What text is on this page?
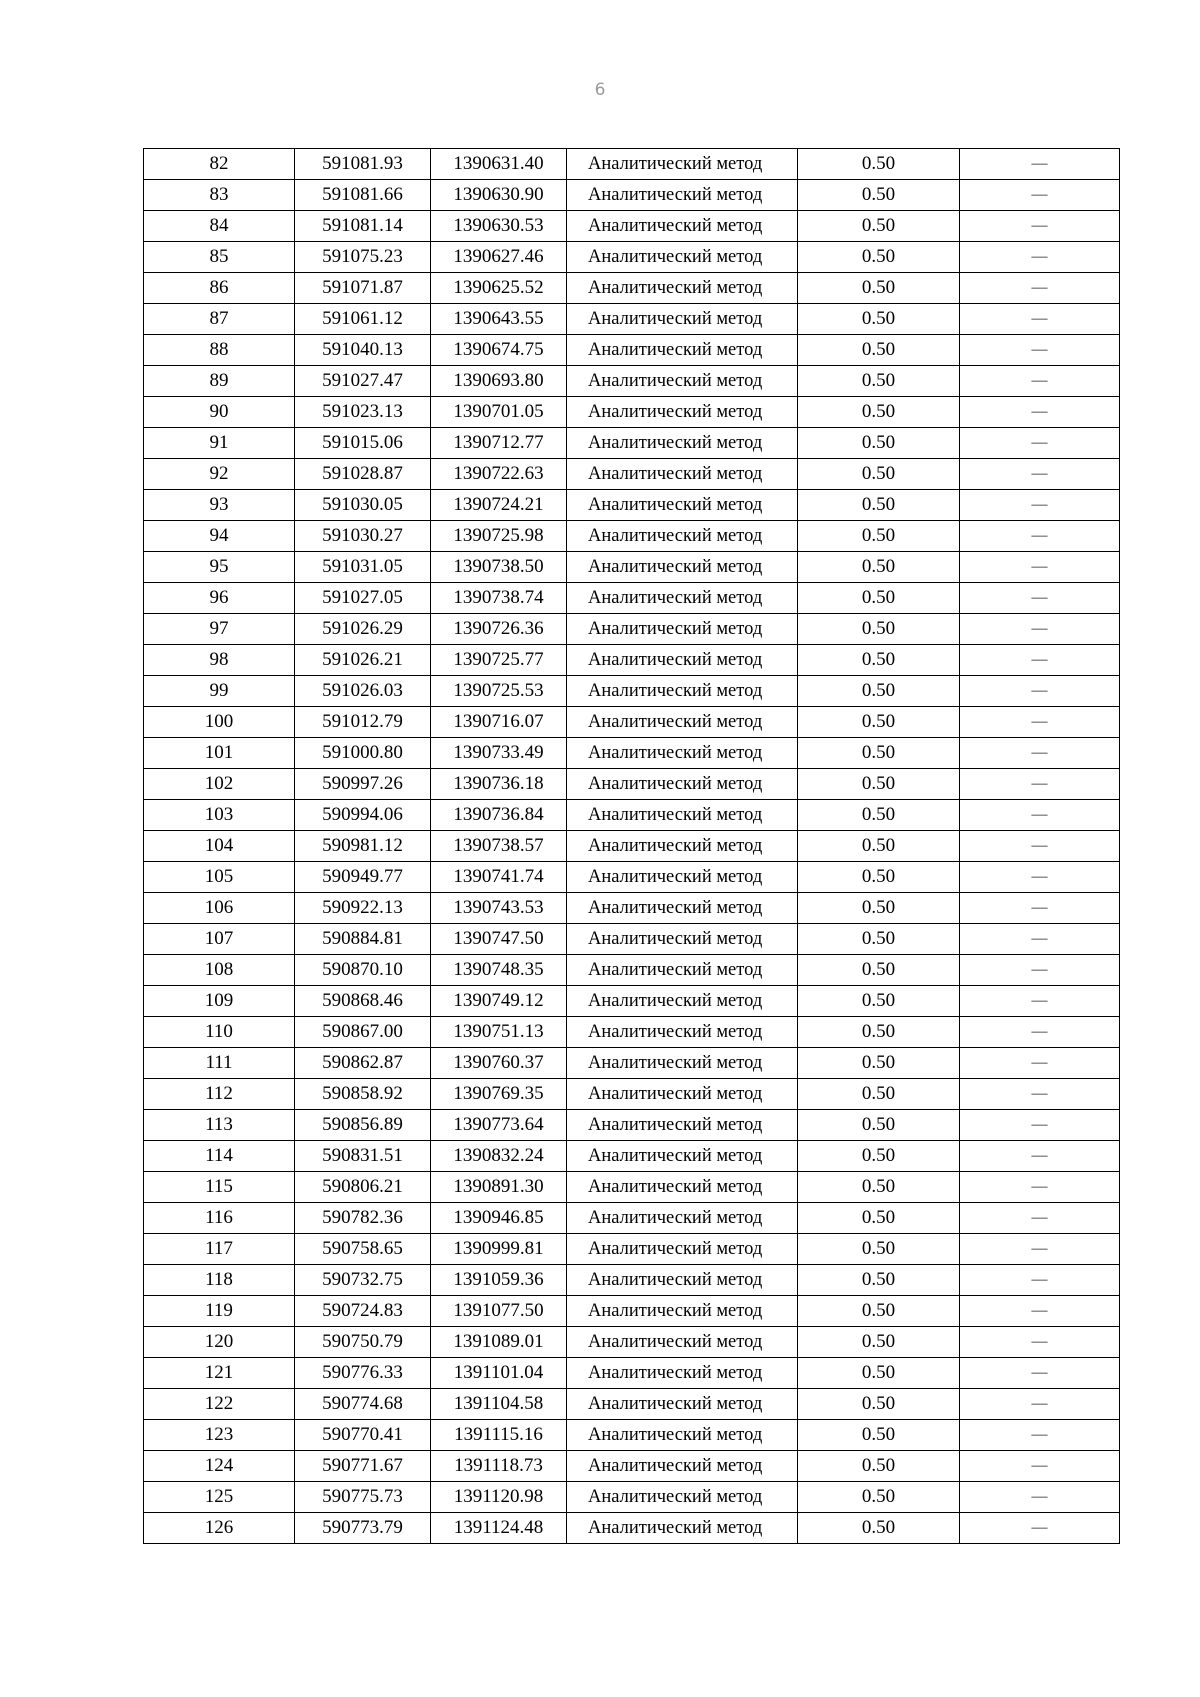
6
82	591081.93	1390631.40	Аналитический метод	0.50	—
83	591081.66	1390630.90	Аналитический метод	0.50	—
84	591081.14	1390630.53	Аналитический метод	0.50	—
85	591075.23	1390627.46	Аналитический метод	0.50	—
86	591071.87	1390625.52	Аналитический метод	0.50	—
87	591061.12	1390643.55	Аналитический метод	0.50	—
88	591040.13	1390674.75	Аналитический метод	0.50	—
89	591027.47	1390693.80	Аналитический метод	0.50	—
90	591023.13	1390701.05	Аналитический метод	0.50	—
91	591015.06	1390712.77	Аналитический метод	0.50	—
92	591028.87	1390722.63	Аналитический метод	0.50	—
93	591030.05	1390724.21	Аналитический метод	0.50	—
94	591030.27	1390725.98	Аналитический метод	0.50	—
95	591031.05	1390738.50	Аналитический метод	0.50	—
96	591027.05	1390738.74	Аналитический метод	0.50	—
97	591026.29	1390726.36	Аналитический метод	0.50	—
98	591026.21	1390725.77	Аналитический метод	0.50	—
99	591026.03	1390725.53	Аналитический метод	0.50	—
100	591012.79	1390716.07	Аналитический метод	0.50	—
101	591000.80	1390733.49	Аналитический метод	0.50	—
102	590997.26	1390736.18	Аналитический метод	0.50	—
103	590994.06	1390736.84	Аналитический метод	0.50	—
104	590981.12	1390738.57	Аналитический метод	0.50	—
105	590949.77	1390741.74	Аналитический метод	0.50	—
106	590922.13	1390743.53	Аналитический метод	0.50	—
107	590884.81	1390747.50	Аналитический метод	0.50	—
108	590870.10	1390748.35	Аналитический метод	0.50	—
109	590868.46	1390749.12	Аналитический метод	0.50	—
110	590867.00	1390751.13	Аналитический метод	0.50	—
111	590862.87	1390760.37	Аналитический метод	0.50	—
112	590858.92	1390769.35	Аналитический метод	0.50	—
113	590856.89	1390773.64	Аналитический метод	0.50	—
114	590831.51	1390832.24	Аналитический метод	0.50	—
115	590806.21	1390891.30	Аналитический метод	0.50	—
116	590782.36	1390946.85	Аналитический метод	0.50	—
117	590758.65	1390999.81	Аналитический метод	0.50	—
118	590732.75	1391059.36	Аналитический метод	0.50	—
119	590724.83	1391077.50	Аналитический метод	0.50	—
120	590750.79	1391089.01	Аналитический метод	0.50	—
121	590776.33	1391101.04	Аналитический метод	0.50	—
122	590774.68	1391104.58	Аналитический метод	0.50	—
123	590770.41	1391115.16	Аналитический метод	0.50	—
124	590771.67	1391118.73	Аналитический метод	0.50	—
125	590775.73	1391120.98	Аналитический метод	0.50	—
126	590773.79	1391124.48	Аналитический метод	0.50	—
